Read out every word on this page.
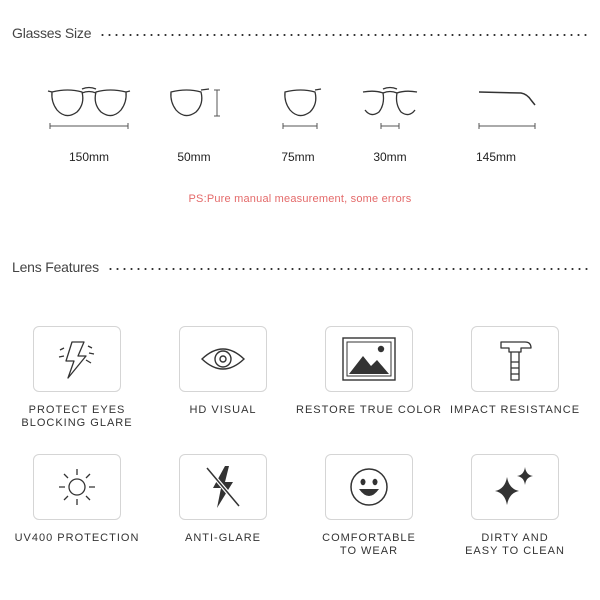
Glasses Size
150mm	50mm	75mm	30mm	145mm
PS:Pure manual measurement, some errors
Lens Features
PROTECT EYES
BLOCKING GLARE
HD VISUAL	RESTORE TRUE COLOR IMPACT RESISTANCE
UV400 PROTECTION	ANTI-GLARE	COMFORTABLE
TO WEAR
DIRTY AND
EASY TO CLEAN
